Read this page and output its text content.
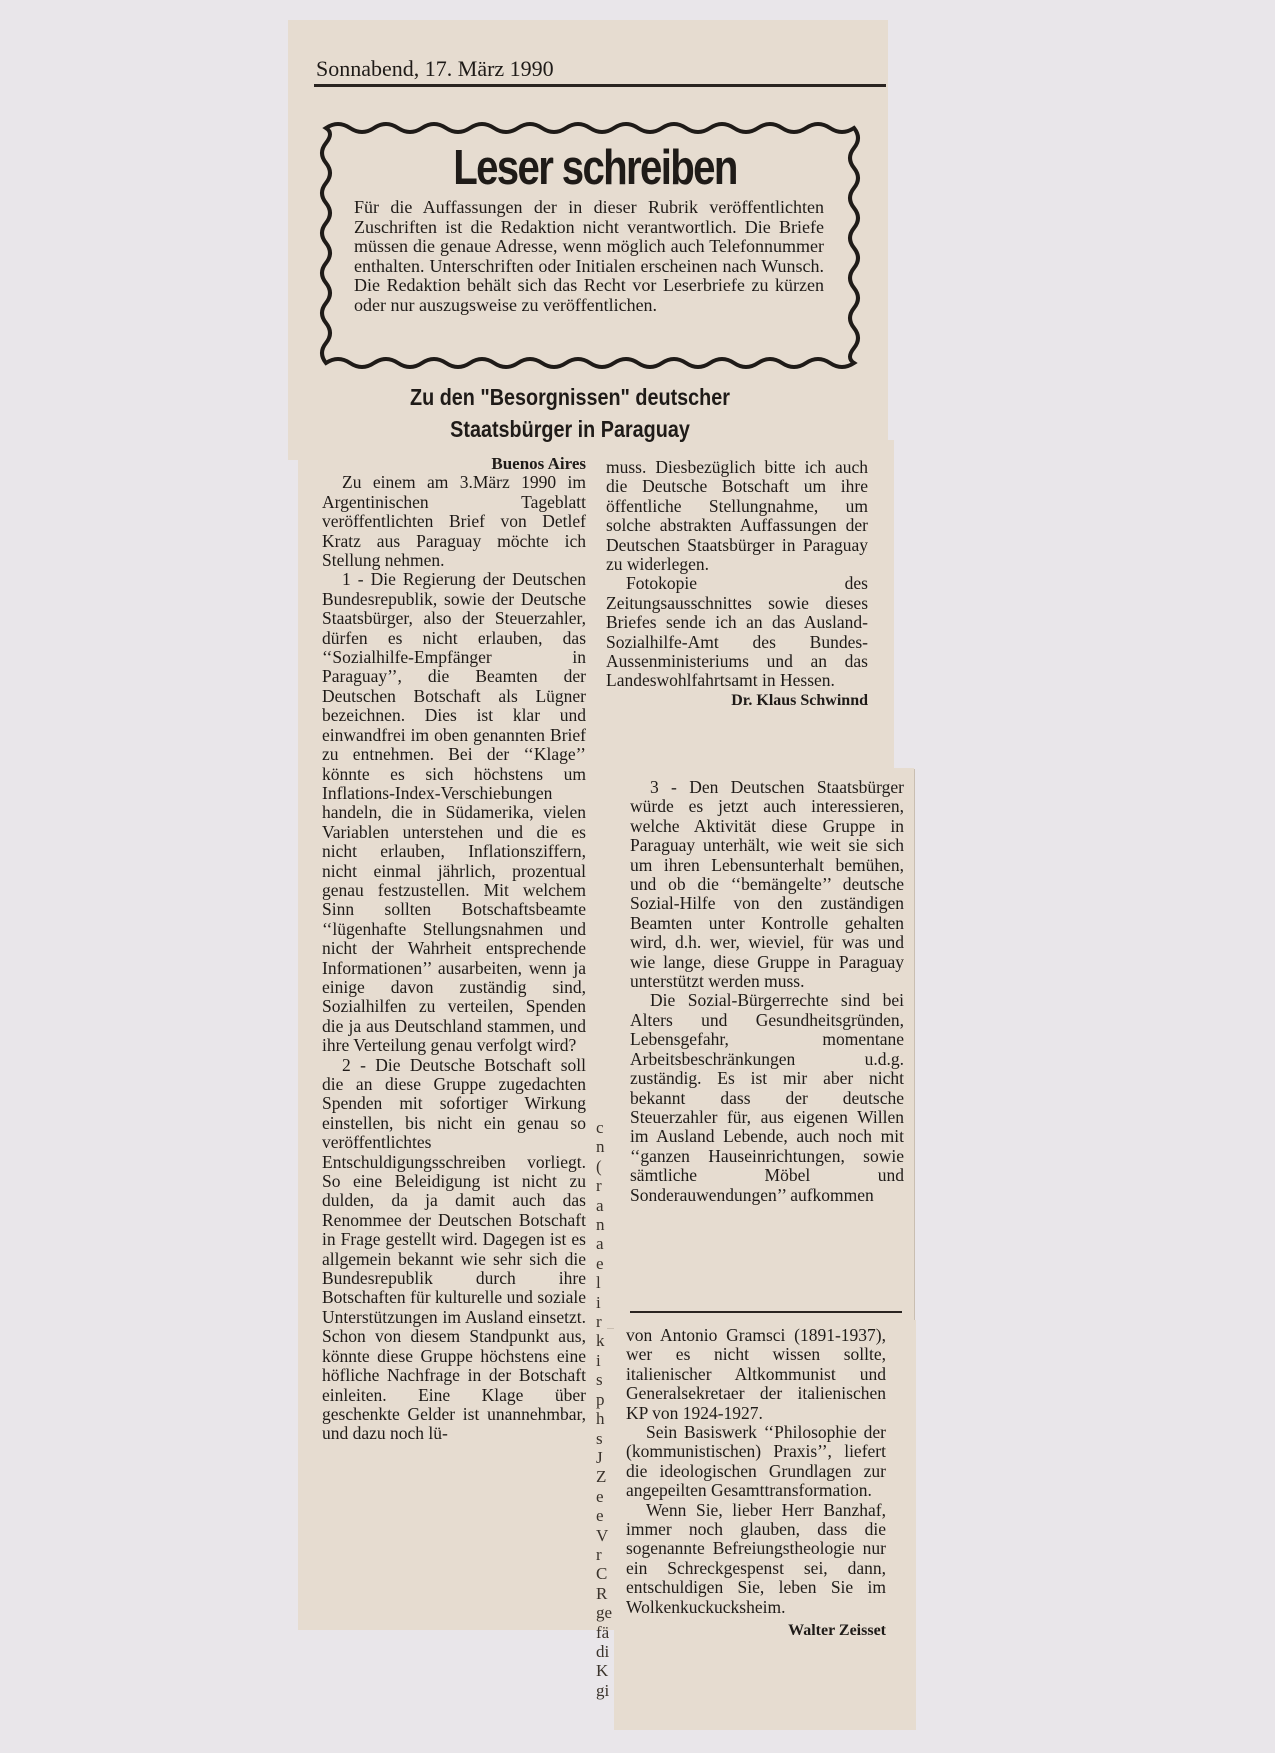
Sonnabend, 17. März 1990
Leser schreiben
Für die Auffassungen der in dieser Rubrik veröffentlichten Zuschriften ist die Redaktion nicht verantwortlich. Die Briefe müssen die genaue Adresse, wenn möglich auch Telefonnummer enthalten. Unterschriften oder Initialen erscheinen nach Wunsch. Die Redaktion behält sich das Recht vor Leserbriefe zu kürzen oder nur auszugsweise zu veröffentlichen.
Zu den "Besorgnissen" deutscher
Staatsbürger in Paraguay

Buenos Aires

Zu einem am 3.März 1990 im Argentinischen Tageblatt veröffentlichten Brief von Detlef Kratz aus Paraguay möchte ich Stellung nehmen.

1 - Die Regierung der Deutschen Bundesrepublik, sowie der Deutsche Staatsbürger, also der Steuerzahler, dürfen es nicht erlauben, das ‘‘Sozialhilfe-Empfänger in Paraguay’’, die Beamten der Deutschen Botschaft als Lügner bezeichnen. Dies ist klar und einwandfrei im oben genannten Brief zu entnehmen. Bei der ‘‘Klage’’ könnte es sich höchstens um Inflations-Index-Verschiebungen handeln, die in Südamerika, vielen Variablen unterstehen und die es nicht erlauben, Inflationsziffern, nicht einmal jährlich, prozentual genau festzustellen. Mit welchem Sinn sollten Botschaftsbeamte ‘‘lügenhafte Stellungsnahmen und nicht der Wahrheit entsprechende Informationen’’ ausarbeiten, wenn ja einige davon zuständig sind, Sozialhilfen zu verteilen, Spenden die ja aus Deutschland stammen, und ihre Verteilung genau verfolgt wird?

2 - Die Deutsche Botschaft soll die an diese Gruppe zugedachten Spenden mit sofortiger Wirkung einstellen, bis nicht ein genau so veröffentlichtes Entschuldigungsschreiben vorliegt. So eine Beleidigung ist nicht zu dulden, da ja damit auch das Renommee der Deutschen Botschaft in Frage gestellt wird. Dagegen ist es allgemein bekannt wie sehr sich die Bundesrepublik durch ihre Botschaften für kulturelle und soziale Unterstützungen im Ausland einsetzt. Schon von diesem Standpunkt aus, könnte diese Gruppe höchstens eine höfliche Nachfrage in der Botschaft einleiten. Eine Klage über geschenkte Gelder ist unannehmbar, und dazu noch lü-

muss. Diesbezüglich bitte ich auch die Deutsche Botschaft um ihre öffentliche Stellungnahme, um solche abstrakten Auffassungen der Deutschen Staatsbürger in Paraguay zu widerlegen.

Fotokopie des Zeitungsausschnittes sowie dieses Briefes sende ich an das Ausland-Sozialhilfe-Amt des Bundes-Aussenministeriums und an das Landeswohlfahrtsamt in Hessen.

Dr. Klaus Schwinnd

3 - Den Deutschen Staatsbürger würde es jetzt auch interessieren, welche Aktivität diese Gruppe in Paraguay unterhält, wie weit sie sich um ihren Lebensunterhalt bemühen, und ob die ‘‘bemängelte’’ deutsche Sozial-Hilfe von den zuständigen Beamten unter Kontrolle gehalten wird, d.h. wer, wieviel, für was und wie lange, diese Gruppe in Paraguay unterstützt werden muss.

Die Sozial-Bürgerrechte sind bei Alters und Gesundheitsgründen, Lebensgefahr, momentane Arbeitsbeschränkungen u.d.g. zuständig. Es ist mir aber nicht bekannt dass der deutsche Steuerzahler für, aus eigenen Willen im Ausland Lebende, auch noch mit ‘‘ganzen Hauseinrichtungen, sowie sämtliche Möbel und Sonderauwendungen’’ aufkommen

c
n
(
r
a
n
a
e
l
i
r
k
i
s
p
h
s
J
Z
e
e
V
r
C
R
ge
fä
di
K
gi

von Antonio Gramsci (1891-1937), wer es nicht wissen sollte, italienischer Altkommunist und Generalsekretaer der italienischen KP von 1924-1927.

Sein Basiswerk ‘‘Philosophie der (kommunistischen) Praxis’’, liefert die ideologischen Grundlagen zur angepeilten Gesamttransformation.

Wenn Sie, lieber Herr Banzhaf, immer noch glauben, dass die sogenannte Befreiungstheologie nur ein Schreckgespenst sei, dann, entschuldigen Sie, leben Sie im Wolkenkuckucksheim.

Walter Zeisset
